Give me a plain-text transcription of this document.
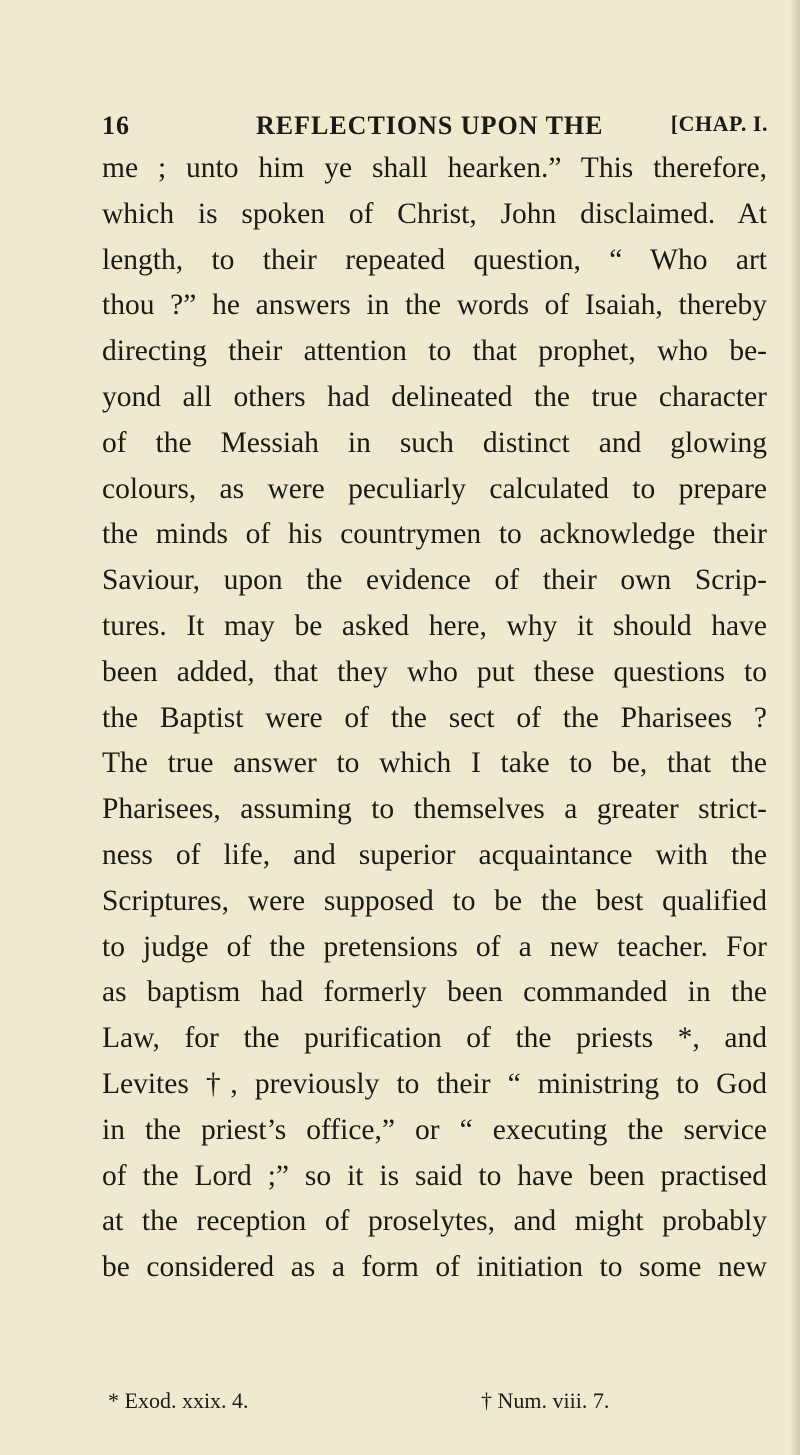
16	REFLECTIONS UPON THE	[CHAP. I.
me ; unto him ye shall hearken.” This therefore,
which is spoken of Christ, John disclaimed. At
length, to their repeated question, “ Who art
thou ?” he answers in the words of Isaiah, thereby
directing their attention to that prophet, who be-
yond all others had delineated the true character
of the Messiah in such distinct and glowing
colours, as were peculiarly calculated to prepare
the minds of his countrymen to acknowledge their
Saviour, upon the evidence of their own Scrip-
tures. It may be asked here, why it should have
been added, that they who put these questions to
the Baptist were of the sect of the Pharisees ?
The true answer to which I take to be, that the
Pharisees, assuming to themselves a greater strict-
ness of life, and superior acquaintance with the
Scriptures, were supposed to be the best qualified
to judge of the pretensions of a new teacher. For
as baptism had formerly been commanded in the
Law, for the purification of the priests *, and
Levites †, previously to their “ ministring to God
in the priest’s office,” or “ executing the service
of the Lord ;” so it is said to have been practised
at the reception of proselytes, and might probably
be considered as a form of initiation to some new
* Exod. xxix. 4.	† Num. viii. 7.
